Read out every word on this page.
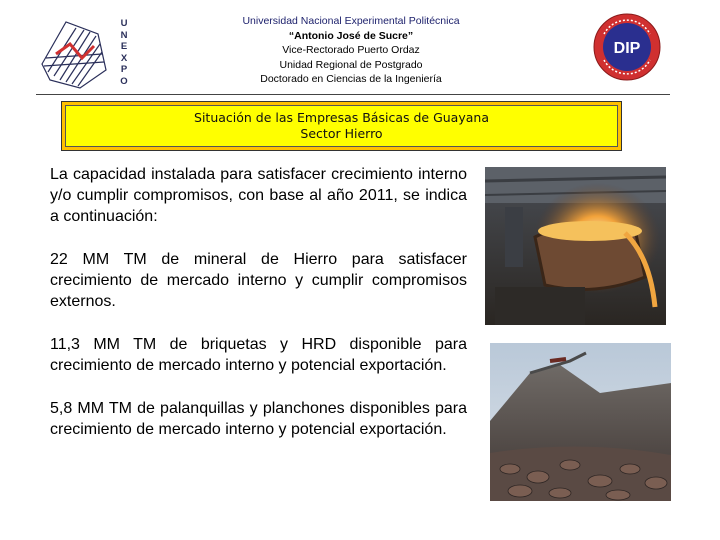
U
N
E
X
P
O
Universidad Nacional Experimental Politécnica
“Antonio José de Sucre”
Vice-Rectorado Puerto Ordaz
Unidad Regional de Postgrado
Doctorado en Ciencias de la Ingeniería
DIP
Situación de las Empresas Básicas de Guayana
Sector Hierro

La capacidad instalada para satisfacer crecimiento interno y/o cumplir compromisos, con base al año 2011, se indica a continuación:

22 MM TM de mineral de Hierro para satisfacer crecimiento de mercado interno y cumplir compromisos externos.

11,3 MM TM de briquetas y HRD disponible para crecimiento de mercado interno y potencial exportación.

5,8 MM TM de palanquillas y planchones disponibles para crecimiento de mercado interno y potencial exportación.
